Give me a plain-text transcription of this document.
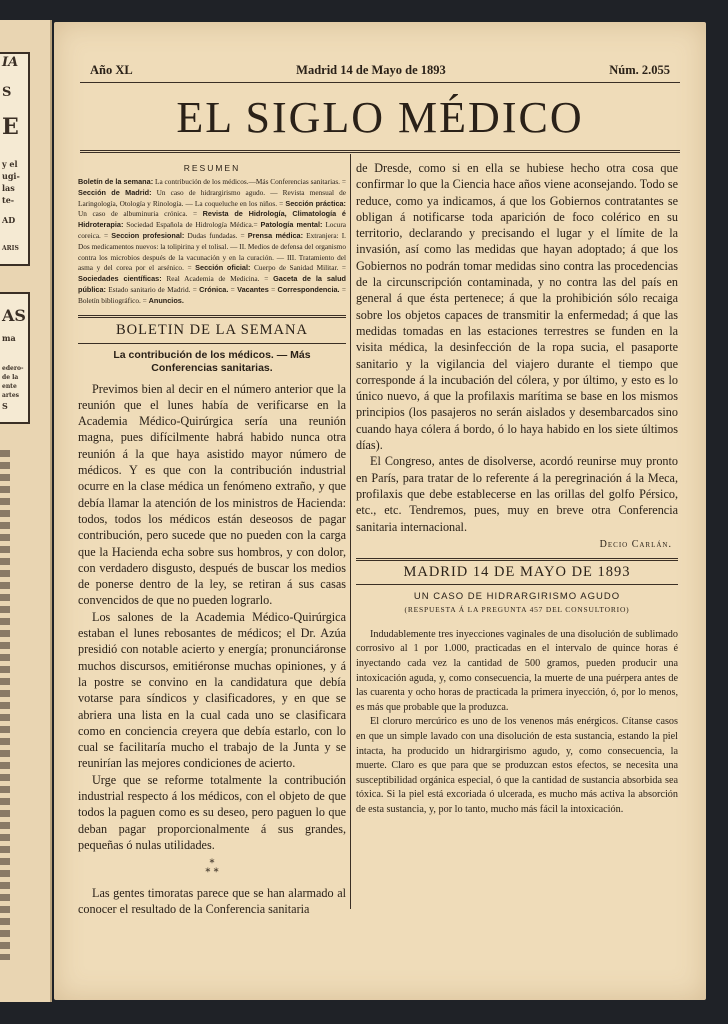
IA
S
E
y el
ugi-
las
te-
AD
ARIS
AS
ma
edero-
de la
ente
artes
S
Año XL	Madrid 14 de Mayo de 1893	Núm. 2.055
EL SIGLO MÉDICO
RESUMEN
Boletín de la semana: La contribución de los médicos.—Más Conferencias sanitarias. = Sección de Madrid: Un caso de hidrargirismo agudo. — Revista mensual de Laringología, Otología y Rinología. — La coqueluche en los niños. = Sección práctica: Un caso de albuminuria crónica. = Revista de Hidrología, Climatología é Hidroterapia: Sociedad Española de Hidrología Médica.= Patología mental: Locura coreica. = Seccion profesional: Dudas fundadas. = Prensa médica: Extranjera: I. Dos medicamentos nuevos: la tolipirina y el tolisal. — II. Medios de defensa del organismo contra los microbios después de la vacunación y en la curación. — III. Tratamiento del asma y del corea por el arsénico. = Sección oficial: Cuerpo de Sanidad Militar. = Sociedades científicas: Real Academia de Medicina. = Gaceta de la salud pública: Estado sanitario de Madrid. = Crónica. = Vacantes = Correspondencia. = Boletín bibliográfico. = Anuncios.
BOLETIN DE LA SEMANA
La contribución de los médicos. — Más
Conferencias sanitarias.

Previmos bien al decir en el número anterior que la reunión que el lunes había de verificarse en la Academia Médico-Quirúrgica sería una reunión magna, pues difícilmente habrá habido nunca otra reunión á la que haya asistido mayor número de médicos. Y es que con la contribución industrial ocurre en la clase médica un fenómeno extraño, y que debía llamar la atención de los ministros de Hacienda: todos, todos los médicos están deseosos de pagar contribución, pero sucede que no pueden con la carga que la Hacienda echa sobre sus hombros, y con dolor, con verdadero disgusto, después de buscar los medios de ponerse dentro de la ley, se retiran á sus casas convencidos de que no pueden lograrlo.

Los salones de la Academia Médico-Quirúrgica estaban el lunes rebosantes de médicos; el Dr. Azúa presidió con notable acierto y energía; pronunciáronse muchos discursos, emitiéronse muchas opiniones, y á la postre se convino en la candidatura que debía votarse para síndicos y clasificadores, y en que se abriera una lista en la cual cada uno se clasificara como en conciencia creyera que debía estarlo, con lo cual se facilitaría mucho el trabajo de la Junta y se reunirían las mejores condiciones de acierto.

Urge que se reforme totalmente la contribución industrial respecto á los médicos, con el objeto de que todos la paguen como es su deseo, pero paguen lo que deban pagar proporcionalmente á sus grandes, pequeñas ó nulas utilidades.

*
* *

Las gentes timoratas parece que se han alarmado al conocer el resultado de la Conferencia sanitaria

de Dresde, como si en ella se hubiese hecho otra cosa que confirmar lo que la Ciencia hace años viene aconsejando. Todo se reduce, como ya indicamos, á que los Gobiernos contratantes se obligan á notificarse toda aparición de foco colérico en su territorio, declarando y precisando el lugar y el límite de la invasión, así como las medidas que hayan adoptado; á que los Gobiernos no podrán tomar medidas sino contra las procedencias de la circunscripción contaminada, y no contra las del país en general á que ésta pertenece; á que la prohibición sólo recaiga sobre los objetos capaces de transmitir la enfermedad; á que las medidas tomadas en las estaciones terrestres se funden en la visita médica, la desinfección de la ropa sucia, el pasaporte sanitario y la vigilancia del viajero durante el tiempo que corresponde á la incubación del cólera, y por último, y esto es lo único nuevo, á que la profilaxis marítima se base en los mismos principios (los pasajeros no serán aislados y desembarcados sino cuando haya cólera á bordo, ó lo haya habido en los siete últimos días).

El Congreso, antes de disolverse, acordó reunirse muy pronto en París, para tratar de lo referente á la peregrinación á la Meca, profilaxis que debe establecerse en las orillas del golfo Pérsico, etc., etc. Tendremos, pues, muy en breve otra Conferencia sanitaria internacional.

Decio Carlán.
MADRID 14 DE MAYO DE 1893
UN CASO DE HIDRARGIRISMO AGUDO
(RESPUESTA Á LA PREGUNTA 457 DEL CONSULTORIO)

Indudablemente tres inyecciones vaginales de una disolución de sublimado corrosivo al 1 por 1.000, practicadas en el intervalo de quince horas é inyectando cada vez la cantidad de 500 gramos, pueden producir una intoxicación aguda, y, como consecuencia, la muerte de una puérpera antes de las cuarenta y ocho horas de practicada la primera inyección, ó, por lo menos, es más que probable que la produzca.

El cloruro mercúrico es uno de los venenos más enérgicos. Cítanse casos en que un simple lavado con una disolución de esta sustancia, estando la piel intacta, ha producido un hidrargirismo agudo, y, como consecuencia, la muerte. Claro es que para que se produzcan estos efectos, se necesita una susceptibilidad orgánica especial, ó que la cantidad de sustancia absorbida sea tóxica. Si la piel está excoriada ó ulcerada, es mucho más activa la absorción de esta sustancia, y, por lo tanto, mucho más fácil la intoxicación.
